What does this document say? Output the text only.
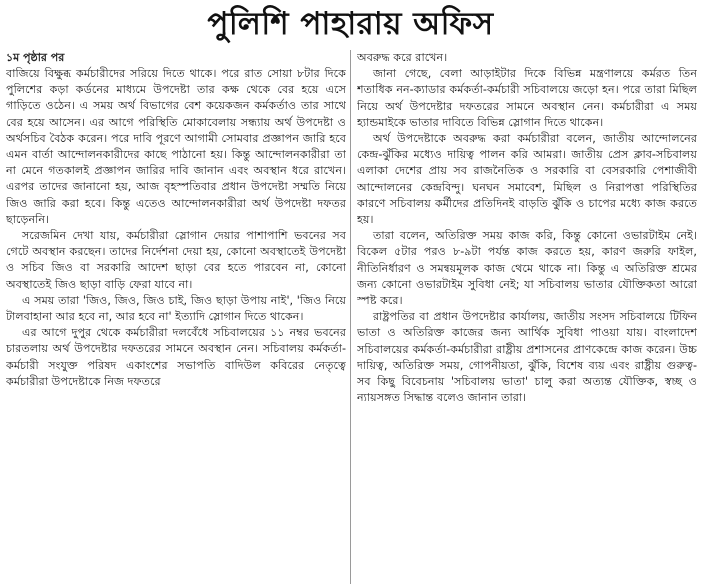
পুলিশি পাহারায় অফিস
১ম পৃষ্ঠার পর

বাজিয়ে বিক্ষুব্ধ কর্মচারীদের সরিয়ে দিতে থাকে। পরে রাত সোয়া ৮টার দিকে পুলিশের কড়া কর্ডনের মাধ্যমে উপদেষ্টা তার কক্ষ থেকে বের হয়ে এসে গাড়িতে ওঠেন। এ সময় অর্থ বিভাগের বেশ কয়েকজন কর্মকর্তাও তার সাথে বের হয়ে আসেন। এর আগে পরিস্থিতি মোকাবেলায় সন্ধ্যায় অর্থ উপদেষ্টা ও অর্থসচিব বৈঠক করেন। পরে দাবি পূরণে আগামী সোমবার প্রজ্ঞাপন জারি হবে এমন বার্তা আন্দোলনকারীদের কাছে পাঠানো হয়। কিন্তু আন্দোলনকারীরা তা না মেনে গতকালই প্রজ্ঞাপন জারির দাবি জানান এবং অবস্থান ধরে রাখেন। এরপর তাদের জানানো হয়, আজ বৃহস্পতিবার প্রধান উপদেষ্টা সম্মতি নিয়ে জিও জারি করা হবে। কিন্তু এতেও আন্দোলনকারীরা অর্থ উপদেষ্টা দফতর ছাড়েননি।

সরেজমিন দেখা যায়, কর্মচারীরা স্লোগান দেয়ার পাশাপাশি ভবনের সব গেটে অবস্থান করছেন। তাদের নির্দেশনা দেয়া হয়, কোনো অবস্থাতেই উপদেষ্টা ও সচিব জিও বা সরকারি আদেশ ছাড়া বের হতে পারবেন না, কোনো অবস্থাতেই জিও ছাড়া বাড়ি ফেরা যাবে না।

এ সময় তারা 'জিও, জিও, জিও চাই, জিও ছাড়া উপায় নাই', 'জিও নিয়ে টালবাহানা আর হবে না, আর হবে না' ইত্যাদি স্লোগান দিতে থাকেন।

এর আগে দুপুর থেকে কর্মচারীরা দলবেঁধে সচিবালয়ের ১১ নম্বর ভবনের চারতলায় অর্থ উপদেষ্টার দফতরের সামনে অবস্থান নেন। সচিবালয় কর্মকর্তা-কর্মচারী সংযুক্ত পরিষদ একাংশের সভাপতি বাদিউল কবিরের নেতৃত্বে কর্মচারীরা উপদেষ্টাকে নিজ দফতরে

অবরুদ্ধ করে রাখেন।

জানা গেছে, বেলা আড়াইটার দিকে বিভিন্ন মন্ত্রণালয়ে কর্মরত তিন শতাধিক নন-ক্যাডার কর্মকর্তা-কর্মচারী সচিবালয়ে জড়ো হন। পরে তারা মিছিল নিয়ে অর্থ উপদেষ্টার দফতরের সামনে অবস্থান নেন। কর্মচারীরা এ সময় হ্যান্ডমাইকে ভাতার দাবিতে বিভিন্ন স্লোগান দিতে থাকেন।

অর্থ উপদেষ্টাকে অবরুদ্ধ করা কর্মচারীরা বলেন, জাতীয় আন্দোলনের কেন্দ্র-ঝুঁকির মধ্যেও দায়িত্ব পালন করি আমরা। জাতীয় প্রেস ক্লাব-সচিবালয় এলাকা দেশের প্রায় সব রাজনৈতিক ও সরকারি বা বেসরকারি পেশাজীবী আন্দোলনের কেন্দ্রবিন্দু। ঘনঘন সমাবেশ, মিছিল ও নিরাপত্তা পরিস্থিতির কারণে সচিবালয় কর্মীদের প্রতিদিনই বাড়তি ঝুঁকি ও চাপের মধ্যে কাজ করতে হয়।

তারা বলেন, অতিরিক্ত সময় কাজ করি, কিন্তু কোনো ওভারটাইম নেই। বিকেল ৫টার পরও ৮-৯টা পর্যন্ত কাজ করতে হয়, কারণ জরুরি ফাইল, নীতিনির্ধারণ ও সমন্বয়মূলক কাজ থেমে থাকে না। কিন্তু এ অতিরিক্ত শ্রমের জন্য কোনো ওভারটাইম সুবিধা নেই; যা সচিবালয় ভাতার যৌক্তিকতা আরো স্পষ্ট করে।

রাষ্ট্রপতির বা প্রধান উপদেষ্টার কার্যালয়, জাতীয় সংসদ সচিবালয়ে টিফিন ভাতা ও অতিরিক্ত কাজের জন্য আর্থিক সুবিধা পাওয়া যায়। বাংলাদেশ সচিবালয়ের কর্মকর্তা-কর্মচারীরা রাষ্ট্রীয় প্রশাসনের প্রাণকেন্দ্রে কাজ করেন। উচ্চ দায়িত্ব, অতিরিক্ত সময়, গোপনীয়তা, ঝুঁকি, বিশেষ ব্যয় এবং রাষ্ট্রীয় গুরুত্ব- সব কিছু বিবেচনায় 'সচিবালয় ভাতা' চালু করা অত্যন্ত যৌক্তিক, স্বচ্ছ ও ন্যায়সঙ্গত সিদ্ধান্ত বলেও জানান তারা।
